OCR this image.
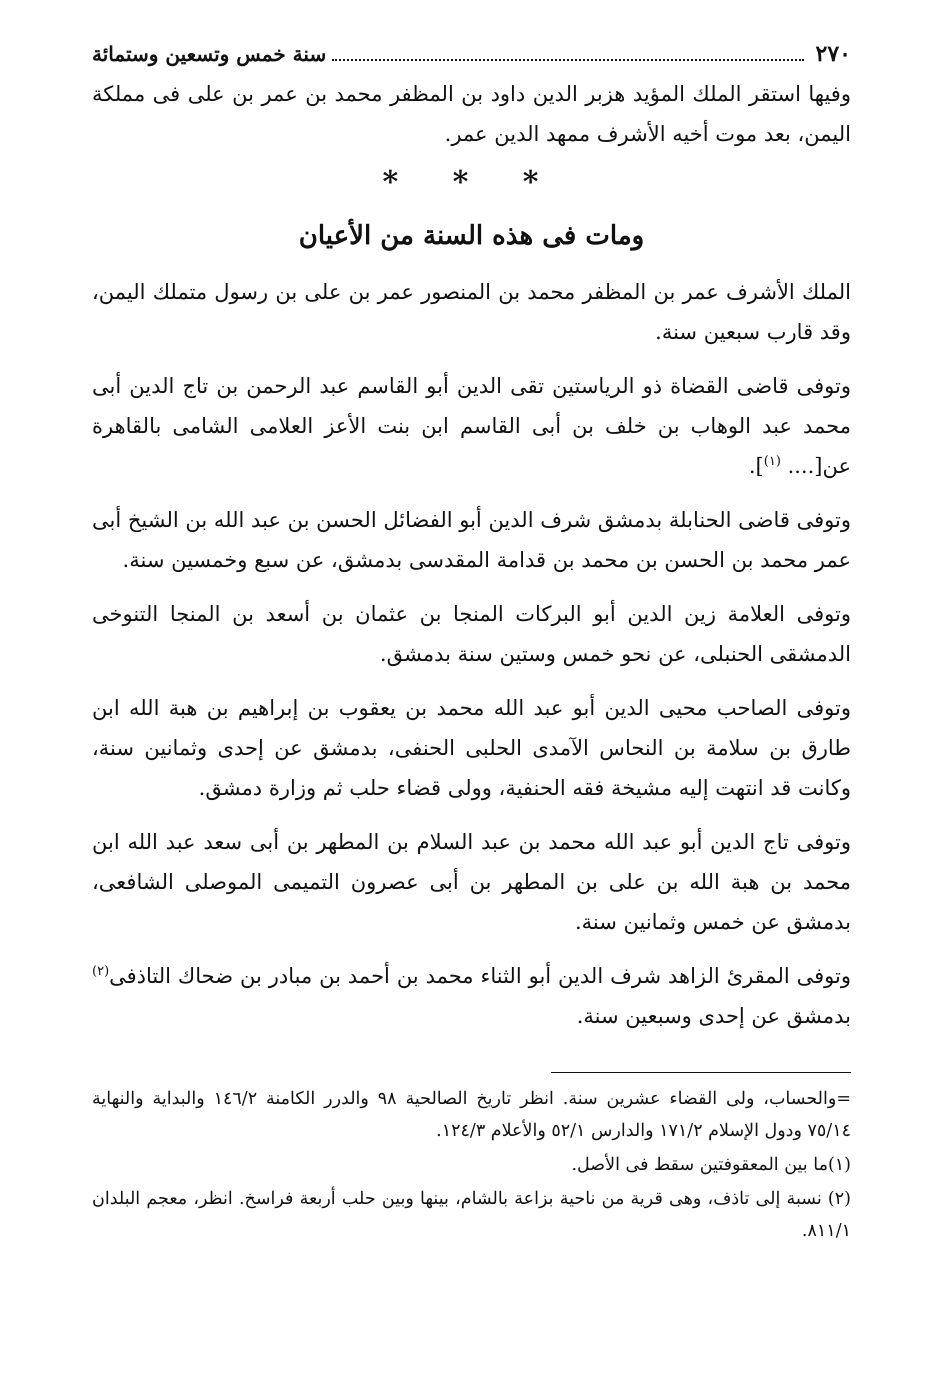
٢٧٠
سنة خمس وتسعين وستمائة

وفيها استقر الملك المؤيد هزبر الدين داود بن المظفر محمد بن عمر بن على فى مملكة اليمن، بعد موت أخيه الأشرف ممهد الدين عمر.

* * *
ومات فى هذه السنة من الأعيان

الملك الأشرف عمر بن المظفر محمد بن المنصور عمر بن على بن رسول متملك اليمن، وقد قارب سبعين سنة.

وتوفى قاضى القضاة ذو الرياستين تقى الدين أبو القاسم عبد الرحمن بن تاج الدين أبى محمد عبد الوهاب بن خلف بن أبى القاسم ابن بنت الأعز العلامى الشامى بالقاهرة عن[.... $^{(١)}$].

وتوفى قاضى الحنابلة بدمشق شرف الدين أبو الفضائل الحسن بن عبد الله بن الشيخ أبى عمر محمد بن الحسن بن محمد بن قدامة المقدسى بدمشق، عن سبع وخمسين سنة.

وتوفى العلامة زين الدين أبو البركات المنجا بن عثمان بن أسعد بن المنجا التنوخى الدمشقى الحنبلى، عن نحو خمس وستين سنة بدمشق.

وتوفى الصاحب محيى الدين أبو عبد الله محمد بن يعقوب بن إبراهيم بن هبة الله ابن طارق بن سلامة بن النحاس الآمدى الحلبى الحنفى، بدمشق عن إحدى وثمانين سنة، وكانت قد انتهت إليه مشيخة فقه الحنفية، وولى قضاء حلب ثم وزارة دمشق.

وتوفى تاج الدين أبو عبد الله محمد بن عبد السلام بن المطهر بن أبى سعد عبد الله ابن محمد بن هبة الله بن على بن المطهر بن أبى عصرون التميمى الموصلى الشافعى، بدمشق عن خمس وثمانين سنة.

وتوفى المقرئ الزاهد شرف الدين أبو الثناء محمد بن أحمد بن مبادر بن ضحاك التاذفى$^{(٢)}$ بدمشق عن إحدى وسبعين سنة.

=والحساب، ولى القضاء عشرين سنة. انظر تاريخ الصالحية ٩٨ والدرر الكامنة ١٤٦/٢ والبداية والنهاية ٧٥/١٤ ودول الإسلام ١٧١/٢ والدارس ٥٢/١ والأعلام ١٢٤/٣.

(١)ما بين المعقوفتين سقط فى الأصل.

(٢) نسبة إلى تاذف، وهى قرية من ناحية بزاعة بالشام، بينها وبين حلب أربعة فراسخ. انظر، معجم البلدان ٨١١/١.
